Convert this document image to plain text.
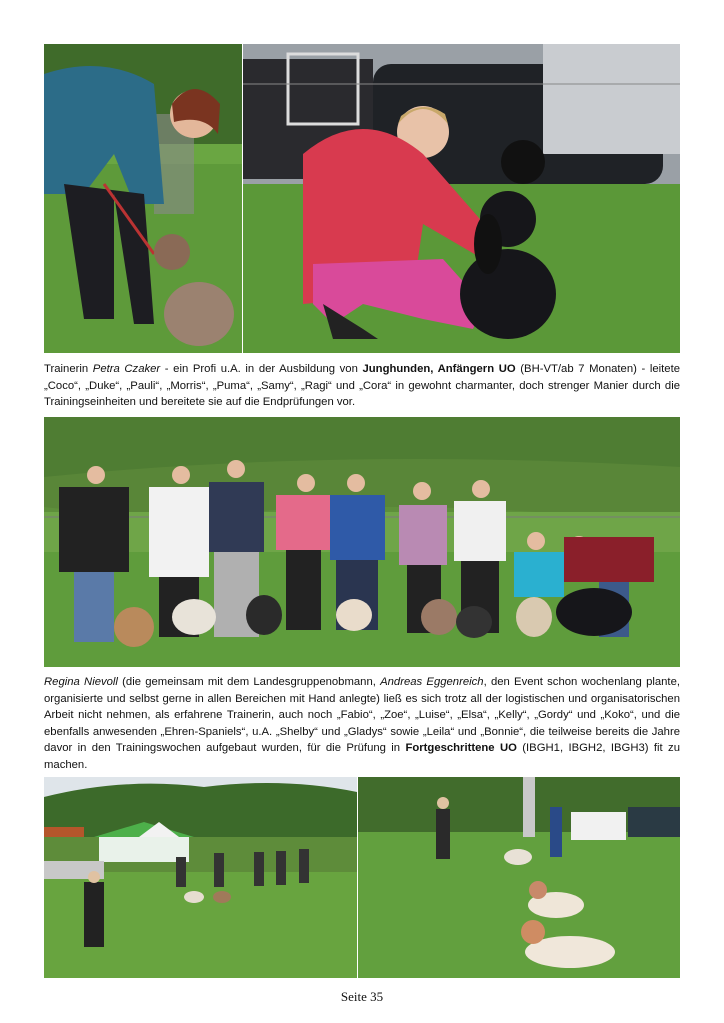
Trainerin Petra Czaker - ein Profi u.A. in der Ausbildung von Junghunden, Anfängern UO (BH-VT/ab 7 Monaten) - leitete „Coco“, „Duke“, „Pauli“, „Morris“, „Puma“, „Samy“, „Ragi“ und „Cora“ in gewohnt charmanter, doch strenger Manier durch die Trainingseinheiten und bereitete sie auf die Endprüfungen vor.

Regina Nievoll (die gemeinsam mit dem Landesgruppenobmann, Andreas Eggenreich, den Event schon wochenlang plante, organisierte und selbst gerne in allen Bereichen mit Hand anlegte) ließ es sich trotz all der logistischen und organisatorischen Arbeit nicht nehmen, als erfahrene Trainerin, auch noch „Fabio“, „Zoe“, „Luise“, „Elsa“, „Kelly“, „Gordy“ und „Koko“, und die ebenfalls anwesenden „Ehren-Spaniels“, u.A. „Shelby“ und „Gladys“ sowie „Leila“ und „Bonnie“, die teilweise bereits die Jahre davor in den Trainingswochen aufgebaut wurden, für die Prüfung in Fortgeschrittene UO (IBGH1, IBGH2, IBGH3) fit zu machen.

Seite 35
